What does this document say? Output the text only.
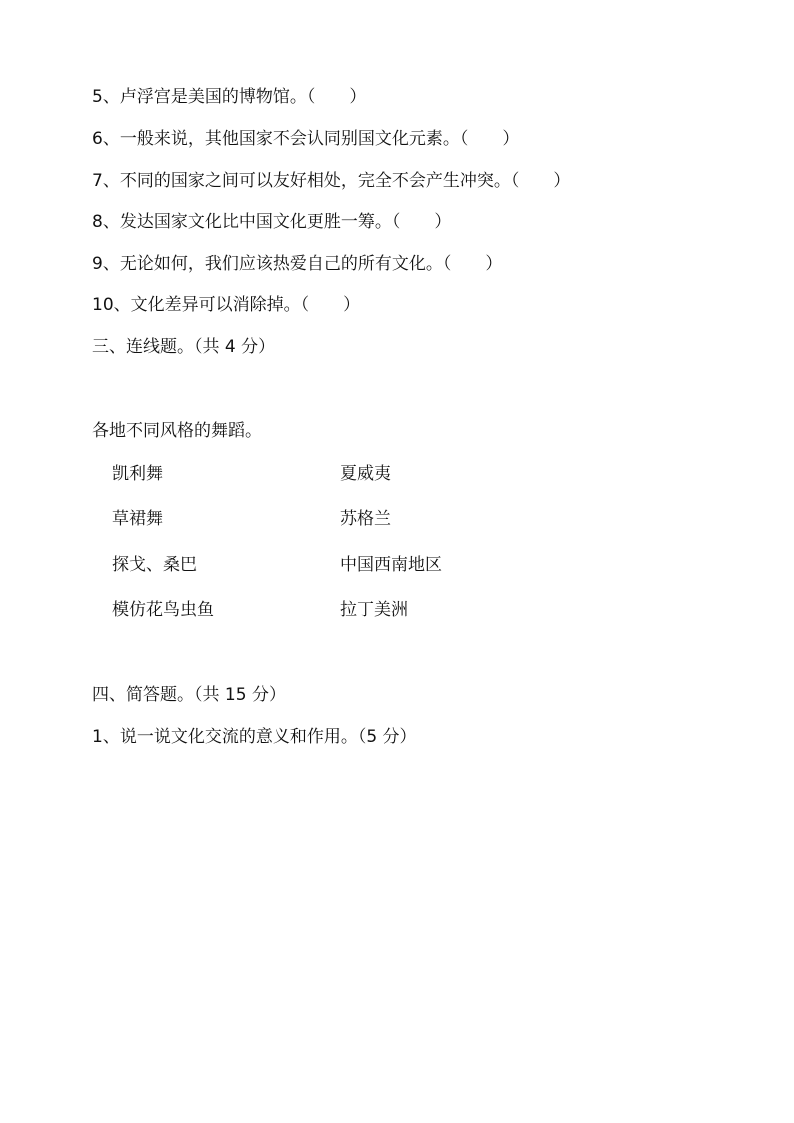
5、卢浮宫是美国的博物馆。（　　）
6、一般来说，其他国家不会认同别国文化元素。（　　）
7、不同的国家之间可以友好相处，完全不会产生冲突。（　　）
8、发达国家文化比中国文化更胜一筹。（　　）
9、无论如何，我们应该热爱自己的所有文化。（　　）
10、文化差异可以消除掉。（　　）
三、连线题。（共 4 分）
各地不同风格的舞蹈。
凯利舞	夏威夷
草裙舞	苏格兰
探戈、桑巴	中国西南地区
模仿花鸟虫鱼	拉丁美洲
四、简答题。（共 15 分）
1、说一说文化交流的意义和作用。（5 分）
